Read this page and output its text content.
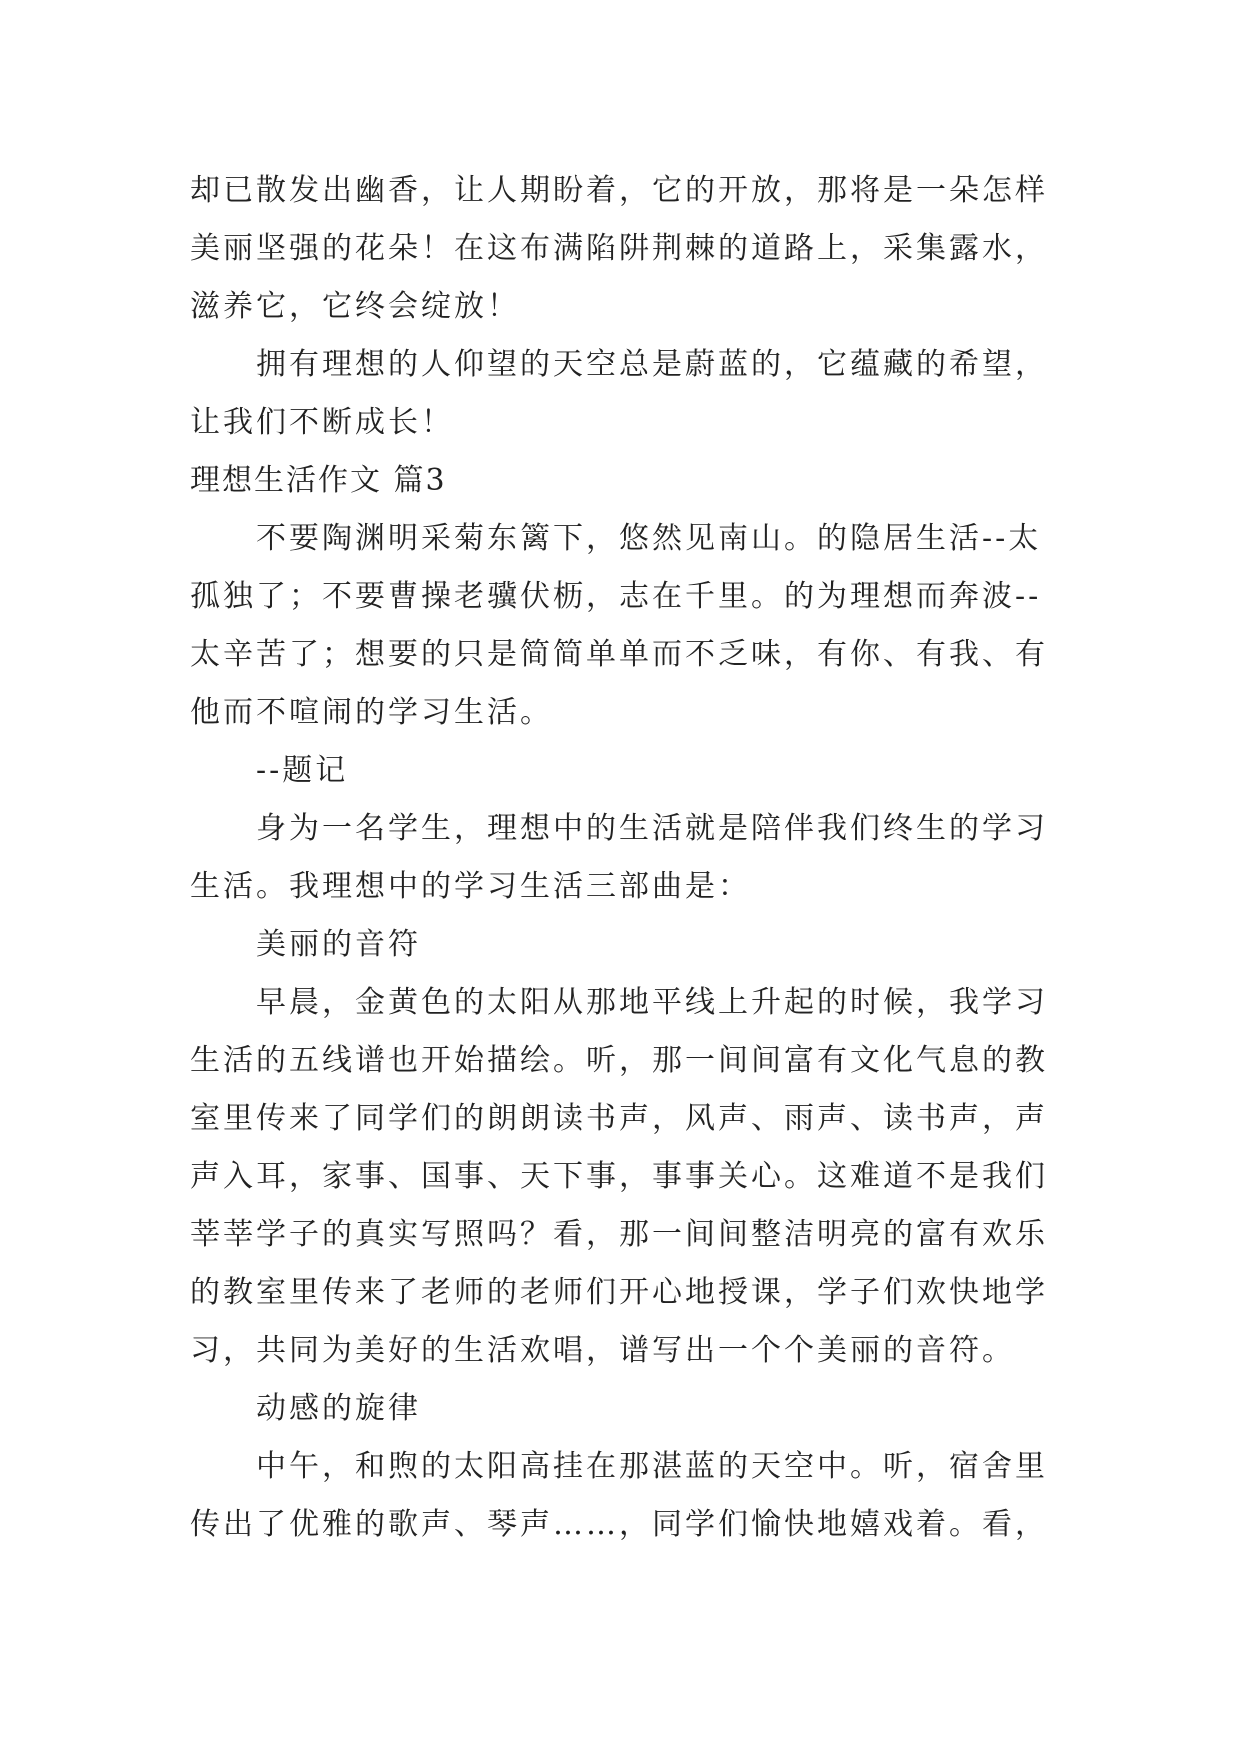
却已散发出幽香，让人期盼着，它的开放，那将是一朵怎样美丽坚强的花朵！在这布满陷阱荆棘的道路上，采集露水，滋养它，它终会绽放！

拥有理想的人仰望的天空总是蔚蓝的，它蕴藏的希望，让我们不断成长！

理想生活作文 篇3

不要陶渊明采菊东篱下，悠然见南山。的隐居生活--太孤独了；不要曹操老骥伏枥，志在千里。的为理想而奔波--太辛苦了；想要的只是简简单单而不乏味，有你、有我、有他而不喧闹的学习生活。

--题记

身为一名学生，理想中的生活就是陪伴我们终生的学习生活。我理想中的学习生活三部曲是：

美丽的音符

早晨，金黄色的太阳从那地平线上升起的时候，我学习生活的五线谱也开始描绘。听，那一间间富有文化气息的教室里传来了同学们的朗朗读书声，风声、雨声、读书声，声声入耳，家事、国事、天下事，事事关心。这难道不是我们莘莘学子的真实写照吗？看，那一间间整洁明亮的富有欢乐的教室里传来了老师的老师们开心地授课，学子们欢快地学习，共同为美好的生活欢唱，谱写出一个个美丽的音符。

动感的旋律

中午，和煦的太阳高挂在那湛蓝的天空中。听，宿舍里传出了优雅的歌声、琴声……，同学们愉快地嬉戏着。看，
